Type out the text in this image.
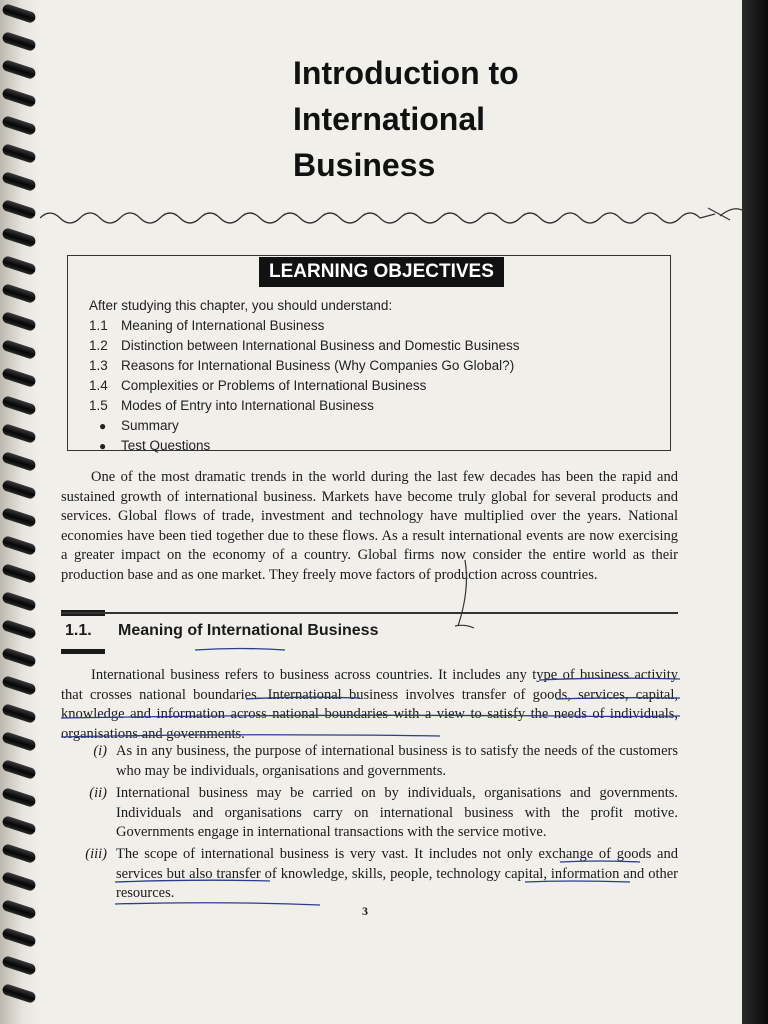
Introduction to
International
Business
LEARNING OBJECTIVES
After studying this chapter, you should understand:
1.1 Meaning of International Business
1.2 Distinction between International Business and Domestic Business
1.3 Reasons for International Business (Why Companies Go Global?)
1.4 Complexities or Problems of International Business
1.5 Modes of Entry into International Business
●	Summary
●	Test Questions

One of the most dramatic trends in the world during the last few decades has been the rapid and sustained growth of international business. Markets have become truly global for several products and services. Global flows of trade, investment and technology have multiplied over the years. National economies have been tied together due to these flows. As a result international events are now exercising a greater impact on the economy of a country. Global firms now consider the entire world as their production base and as one market. They freely move factors of production across countries.

1.1. Meaning of International Business

International business refers to business across countries. It includes any type of business activity that crosses national boundaries. International business involves transfer of goods, services, capital, knowledge and information across national boundaries with a view to satisfy the needs of individuals, organisations and governments.

(i) As in any business, the purpose of international business is to satisfy the needs of the customers who may be individuals, organisations and governments.
(ii) International business may be carried on by individuals, organisations and governments. Individuals and organisations carry on international business with the profit motive. Governments engage in international transactions with the service motive.
(iii) The scope of international business is very vast. It includes not only exchange of goods and services but also transfer of knowledge, skills, people, technology capital, information and other resources.
3
